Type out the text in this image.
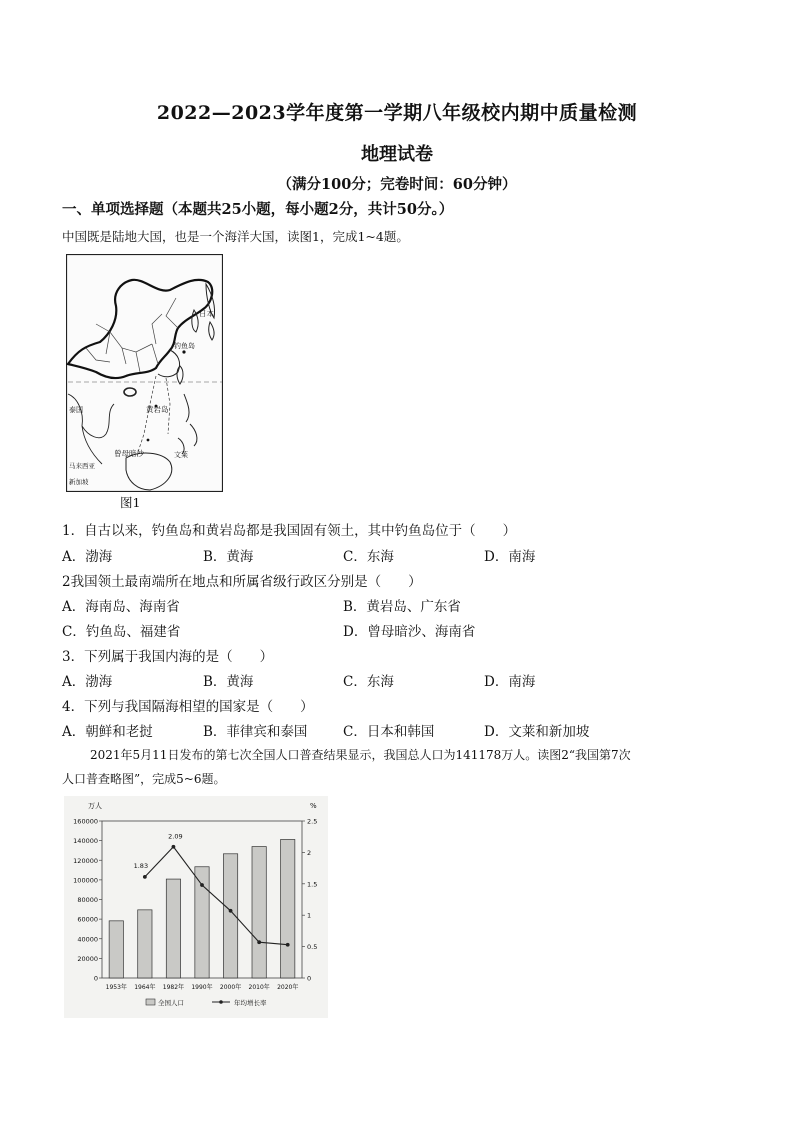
2022—2023学年度第一学期八年级校内期中质量检测
地理试卷
（满分100分；完卷时间：60分钟）
一、单项选择题（本题共25小题，每小题2分，共计50分。）
中国既是陆地大国，也是一个海洋大国，读图1，完成1~4题。
日本
钓鱼岛
泰国	黄岩岛
曾母暗沙	文莱
马来西亚
新加坡
图1
1．自古以来，钓鱼岛和黄岩岛都是我国固有领土，其中钓鱼岛位于（　　）
A．渤海	B．黄海	C．东海	D．南海
2我国领土最南端所在地点和所属省级行政区分别是（　　）
A．海南岛、海南省	B．黄岩岛、广东省
C．钓鱼岛、福建省	D．曾母暗沙、海南省
3．下列属于我国内海的是（　　）
A．渤海	B．黄海	C．东海	D．南海
4．下列与我国隔海相望的国家是（　　）
A．朝鲜和老挝	B．菲律宾和泰国	C．日本和韩国	D．文莱和新加坡
2021年5月11日发布的第七次全国人口普查结果显示，我国总人口为141178万人。读图2“我国第7次
人口普查略图”，完成5~6题。
万人	%
0
20000
40000
60000
80000
100000
120000
140000
160000
0
0.5
1
1.5
2
2.5
1953年 1964年 1982年 1990年 2000年 2010年 2020年
1.83
2.09
全国人口	年均增长率
